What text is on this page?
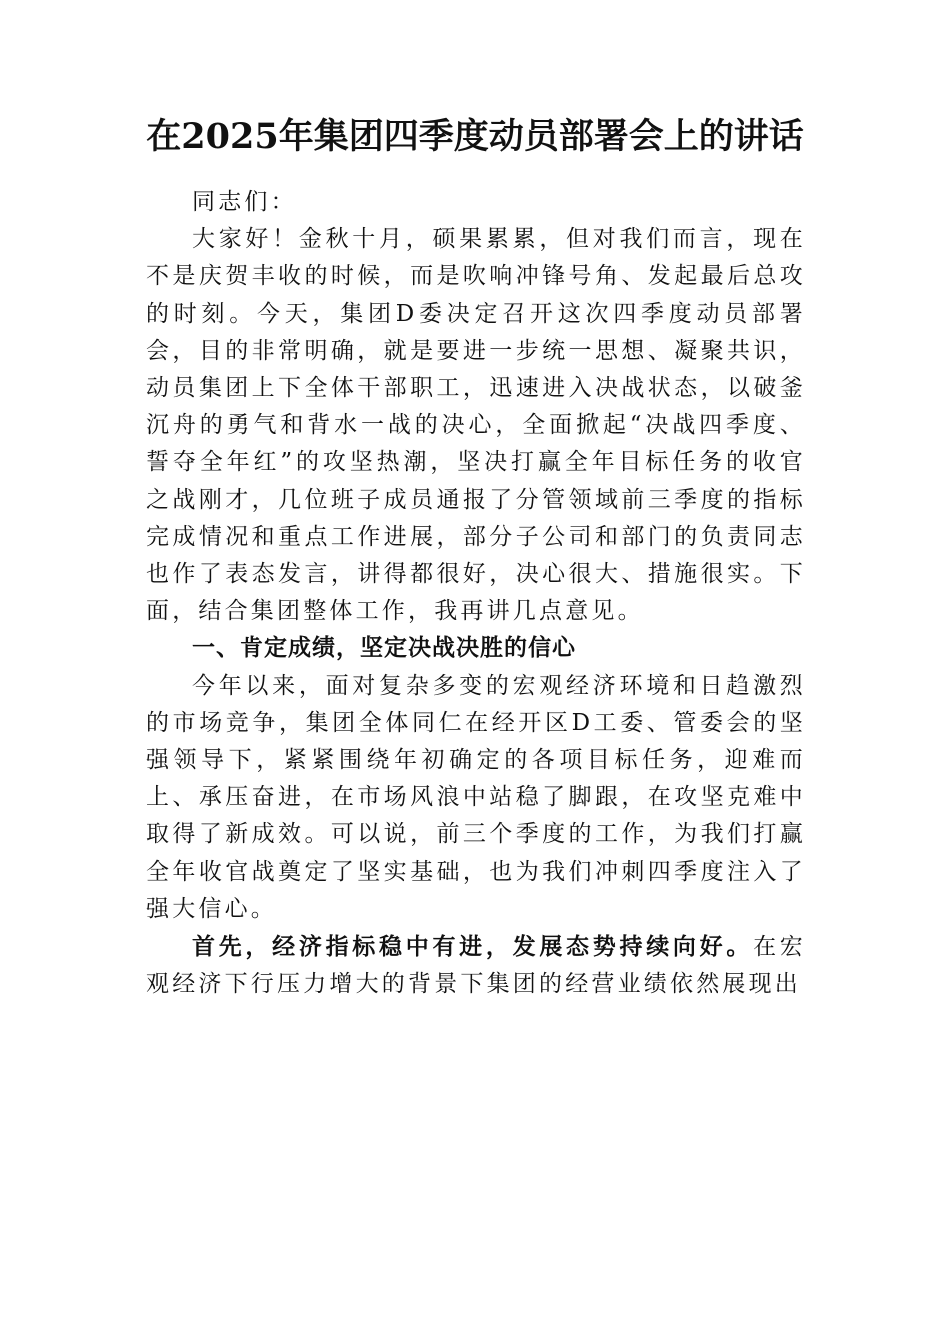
在2025年集团四季度动员部署会上的讲话

同志们：

大家好！金秋十月，硕果累累，但对我们而言，现在不是庆贺丰收的时候，而是吹响冲锋号角、发起最后总攻的时刻。今天，集团D委决定召开这次四季度动员部署会，目的非常明确，就是要进一步统一思想、凝聚共识，动员集团上下全体干部职工，迅速进入决战状态，以破釜沉舟的勇气和背水一战的决心，全面掀起“决战四季度、誓夺全年红”的攻坚热潮，坚决打赢全年目标任务的收官之战刚才，几位班子成员通报了分管领域前三季度的指标完成情况和重点工作进展，部分子公司和部门的负责同志也作了表态发言，讲得都很好，决心很大、措施很实。下面，结合集团整体工作，我再讲几点意见。

一、肯定成绩，坚定决战决胜的信心

今年以来，面对复杂多变的宏观经济环境和日趋激烈的市场竞争，集团全体同仁在经开区D工委、管委会的坚强领导下，紧紧围绕年初确定的各项目标任务，迎难而上、承压奋进，在市场风浪中站稳了脚跟，在攻坚克难中取得了新成效。可以说，前三个季度的工作，为我们打赢全年收官战奠定了坚实基础，也为我们冲刺四季度注入了强大信心。

首先，经济指标稳中有进，发展态势持续向好。在宏观经济下行压力增大的背景下集团的经营业绩依然展现出
